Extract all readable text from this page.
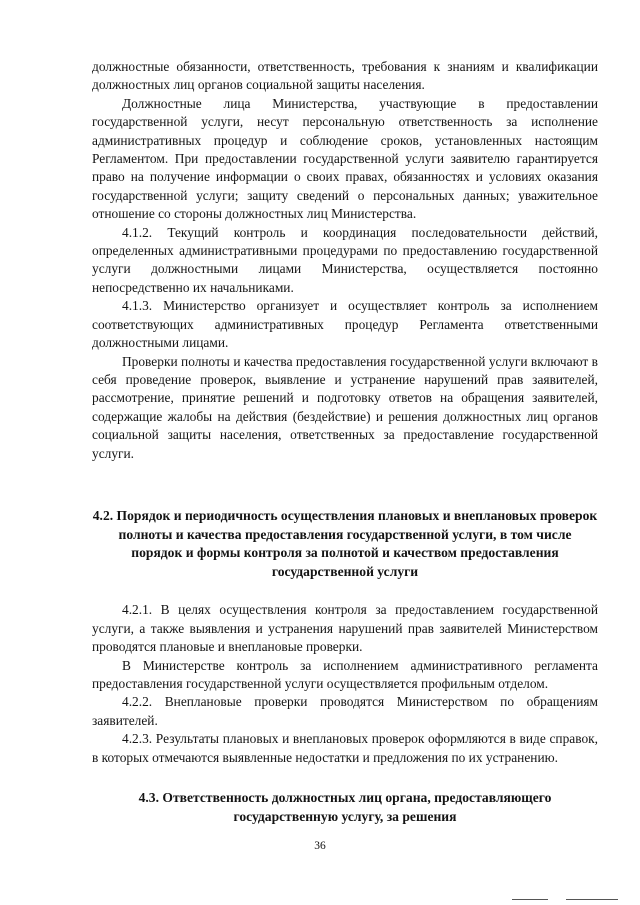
должностные обязанности, ответственность, требования к знаниям и квалификации должностных лиц органов социальной защиты населения.

Должностные лица Министерства, участвующие в предоставлении государственной услуги, несут персональную ответственность за исполнение административных процедур и соблюдение сроков, установленных настоящим Регламентом. При предоставлении государственной услуги заявителю гарантируется право на получение информации о своих правах, обязанностях и условиях оказания государственной услуги; защиту сведений о персональных данных; уважительное отношение со стороны должностных лиц Министерства.

4.1.2. Текущий контроль и координация последовательности действий, определенных административными процедурами по предоставлению государственной услуги должностными лицами Министерства, осуществляется постоянно непосредственно их начальниками.

4.1.3. Министерство организует и осуществляет контроль за исполнением соответствующих административных процедур Регламента ответственными должностными лицами.

Проверки полноты и качества предоставления государственной услуги включают в себя проведение проверок, выявление и устранение нарушений прав заявителей, рассмотрение, принятие решений и подготовку ответов на обращения заявителей, содержащие жалобы на действия (бездействие) и решения должностных лиц органов социальной защиты населения, ответственных за предоставление государственной услуги.

4.2. Порядок и периодичность осуществления плановых и внеплановых проверок полноты и качества предоставления государственной услуги, в том числе порядок и формы контроля за полнотой и качеством предоставления государственной услуги

4.2.1. В целях осуществления контроля за предоставлением государственной услуги, а также выявления и устранения нарушений прав заявителей Министерством проводятся плановые и внеплановые проверки.

В Министерстве контроль за исполнением административного регламента предоставления государственной услуги осуществляется профильным отделом.

4.2.2. Внеплановые проверки проводятся Министерством по обращениям заявителей.

4.2.3. Результаты плановых и внеплановых проверок оформляются в виде справок, в которых отмечаются выявленные недостатки и предложения по их устранению.

4.3. Ответственность должностных лиц органа, предоставляющего государственную услугу, за решения
36
